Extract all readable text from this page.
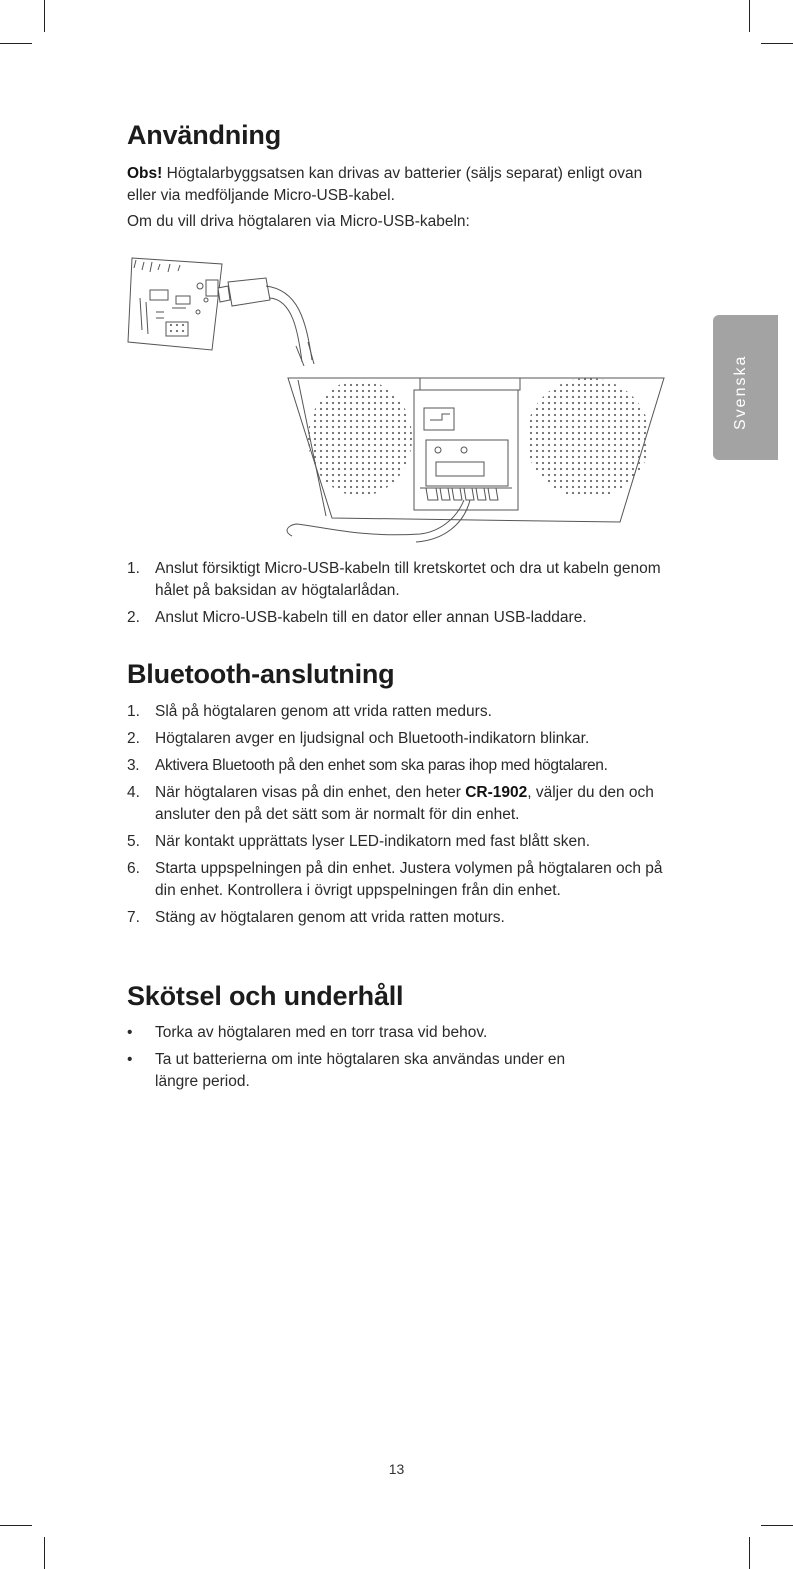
Svenska
Användning

Obs! Högtalarbyggsatsen kan drivas av batterier (säljs separat) enligt ovan eller via medföljande Micro-USB-kabel.

Om du vill driva högtalaren via Micro-USB-kabeln:

1. Anslut försiktigt Micro-USB-kabeln till kretskortet och dra ut kabeln genom hålet på baksidan av högtalarlådan.
2. Anslut Micro-USB-kabeln till en dator eller annan USB-laddare.
Bluetooth-anslutning
1. Slå på högtalaren genom att vrida ratten medurs.
2. Högtalaren avger en ljudsignal och Bluetooth-indikatorn blinkar.
3. Aktivera Bluetooth på den enhet som ska paras ihop med högtalaren.
4. När högtalaren visas på din enhet, den heter CR-1902, väljer du den och ansluter den på det sätt som är normalt för din enhet.
5. När kontakt upprättats lyser LED-indikatorn med fast blått sken.
6. Starta uppspelningen på din enhet. Justera volymen på högtalaren och på din enhet. Kontrollera i övrigt uppspelningen från din enhet.
7. Stäng av högtalaren genom att vrida ratten moturs.
Skötsel och underhåll
• Torka av högtalaren med en torr trasa vid behov.
• Ta ut batterierna om inte högtalaren ska användas under en längre period.
13
